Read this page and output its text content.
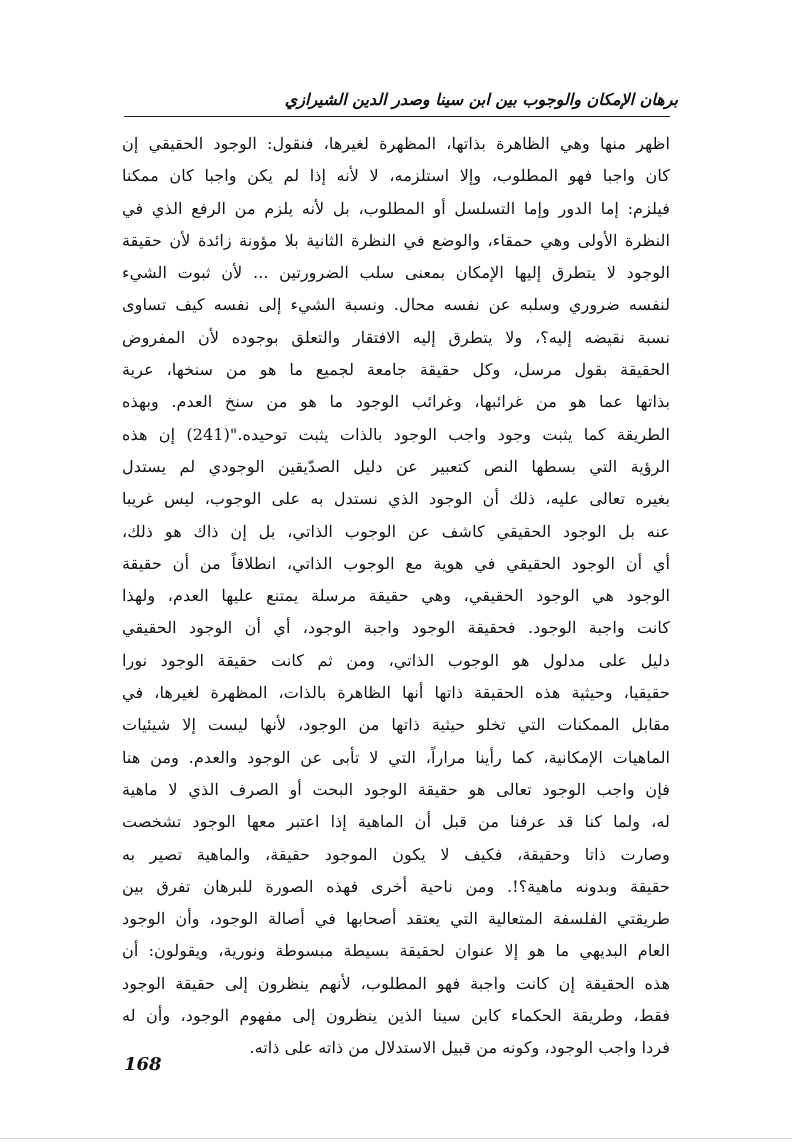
برهان الإمكان والوجوب بين ابن سينا وصدر الدين الشيرازي
اظهر منها وهي الظاهرة بذاتها، المظهرة لغيرها، فنقول: الوجود الحقيقي إن
كان واجبا فهو المطلوب، وإلا استلزمه، لا لأنه إذا لم يكن واجبا كان ممكنا
فيلزم: إما الدور وإما التسلسل أو المطلوب، بل لأنه يلزم من الرفع الذي في
النظرة الأولى وهي حمقاء، والوضع في النظرة الثانية بلا مؤونة زائدة لأن حقيقة
الوجود لا يتطرق إليها الإمكان بمعنى سلب الضرورتين ... لأن ثبوت الشيء
لنفسه ضروري وسلبه عن نفسه محال. ونسبة الشيء إلى نفسه كيف تساوى
نسبة نقيضه إليه؟، ولا يتطرق إليه الافتقار والتعلق بوجوده لأن المفروض
الحقيقة بقول مرسل، وكل حقيقة جامعة لجميع ما هو من سنخها، عرية
بذاتها عما هو من غرائبها، وغرائب الوجود ما هو من سنخ العدم. وبهذه
الطريقة كما يثبت وجود واجب الوجود بالذات يثبت توحيده."(241) إن هذه
الرؤية التي بسطها النص كتعبير عن دليل الصدّيقين الوجودي لم يستدل
بغيره تعالى عليه، ذلك أن الوجود الذي نستدل به على الوجوب، ليس غريبا
عنه بل الوجود الحقيقي كاشف عن الوجوب الذاتي، بل إن ذاك هو ذلك،
أي أن الوجود الحقيقي في هوية مع الوجوب الذاتي، انطلاقاً من أن حقيقة
الوجود هي الوجود الحقيقي، وهي حقيقة مرسلة يمتنع عليها العدم، ولهذا
كانت واجبة الوجود. فحقيقة الوجود واجبة الوجود، أي أن الوجود الحقيقي
دليل على مدلول هو الوجوب الذاتي، ومن ثم كانت حقيقة الوجود نورا
حقيقيا، وحيثية هذه الحقيقة ذاتها أنها الظاهرة بالذات، المظهرة لغيرها، في
مقابل الممكنات التي تخلو حيثية ذاتها من الوجود، لأنها ليست إلا شيئيات
الماهيات الإمكانية، كما رأينا مراراً، التي لا تأبى عن الوجود والعدم. ومن هنا
فإن واجب الوجود تعالى هو حقيقة الوجود البحت أو الصرف الذي لا ماهية
له، ولما كنا قد عرفنا من قبل أن الماهية إذا اعتبر معها الوجود تشخصت
وصارت ذاتا وحقيقة، فكيف لا يكون الموجود حقيقة، والماهية تصير به
حقيقة وبدونه ماهية؟!. ومن ناحية أخرى فهذه الصورة للبرهان تفرق بين
طريقتي الفلسفة المتعالية التي يعتقد أصحابها في أصالة الوجود، وأن الوجود
العام البديهي ما هو إلا عنوان لحقيقة بسيطة مبسوطة ونورية، ويقولون: أن
هذه الحقيقة إن كانت واجبة فهو المطلوب، لأنهم ينظرون إلى حقيقة الوجود
فقط، وطريقة الحكماء كابن سينا الذين ينظرون إلى مفهوم الوجود، وأن له
فردا واجب الوجود، وكونه من قبيل الاستدلال من ذاته على ذاته.
168
